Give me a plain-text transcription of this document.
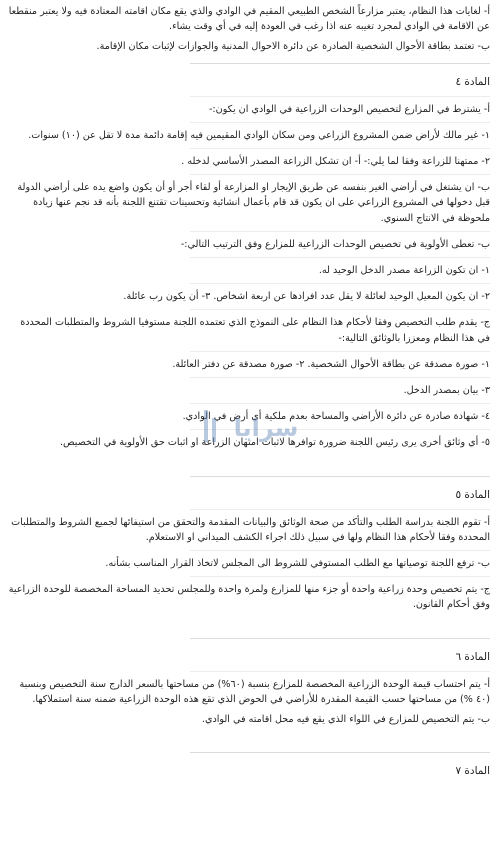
أ- لغايات هذا النظام، يعتبر مزارعاً الشخص الطبيعي المقيم في الوادي والذي يقع مكان اقامته المعتادة فيه ولا يعتبر منقطعا عن الاقامة في الوادي لمجرد تغيبه عنه اذا رغب في العودة إليه في أي وقت يشاء.

ب- تعتمد بطاقة الأحوال الشخصية الصادرة عن دائرة الاحوال المدنية والجوازات لإثبات مكان الإقامة.

المادة ٤

أ- يشترط في المزارع لتخصيص الوحدات الزراعية في الوادي ان يكون:-

١- غير مالك لأراض ضمن المشروع الزراعي ومن سكان الوادي المقيمين فيه إقامة دائمة مدة لا تقل عن (١٠) سنوات.

٢- ممتهنا للزراعة وفقا لما يلي:- أ- ان تشكل الزراعة المصدر الأساسي لدخله .

ب- ان يشتغل في أراضي الغير بنفسه عن طريق الإيجار او المزارعة أو لقاء أجر أو أن يكون واضع يده على أراضي الدولة قبل دخولها في المشروع الزراعي على ان يكون قد قام بأعمال انشائية وتحسينات تقتنع اللجنة بأنه قد نجم عنها زيادة ملحوظة في الانتاج السنوي.

ب- تعطى الأولوية في تخصيص الوحدات الزراعية للمزارع وفق الترتيب التالي:-

١- ان تكون الزراعة مصدر الدخل الوحيد له.

٢- ان يكون المعيل الوحيد لعائلة لا يقل عدد افرادها عن اربعة اشخاص. ٣- أن يكون رب عائلة.

ج- يقدم طلب التخصيص وفقا لأحكام هذا النظام على النموذج الذي تعتمده اللجنة مستوفيا الشروط والمتطلبات المحددة في هذا النظام ومعززا بالوثائق التالية:-

١- صورة مصدقة عن بطاقة الأحوال الشخصية. ٢- صورة مصدقة عن دفتر العائلة.

٣- بيان بمصدر الدخل.

٤- شهادة صادرة عن دائرة الأراضي والمساحة بعدم ملكية أي أرض في الوادي.

٥- أي وثائق أخرى يرى رئيس اللجنة ضرورة توافرها لاثبات امتهان الزراعة او اثبات حق الأولوية في التخصيص.

المادة ٥

أ- تقوم اللجنة بدراسة الطلب والتأكد من صحة الوثائق والبيانات المقدمة والتحقق من استيفائها لجميع الشروط والمتطلبات المحددة وفقا لأحكام هذا النظام ولها في سبيل ذلك اجراء الكشف الميداني او الاستعلام.

ب- ترفع اللجنة توصياتها مع الطلب المستوفي للشروط الى المجلس لاتخاذ القرار المناسب بشأنه.

ج- يتم تخصيص وحدة زراعية واحدة أو جزء منها للمزارع ولمرة واحدة وللمجلس تحديد المساحة المخصصة للوحدة الزراعية وفق أحكام القانون.

المادة ٦

أ- يتم احتساب قيمة الوحدة الزراعية المخصصة للمزارع بنسبة (٦٠%) من مساحتها بالسعر الدارج سنة التخصيص وبنسبة (٤٠ %) من مساحتها حسب القيمة المقدرة للأراضي في الحوض الذي تقع هذه الوحدة الزراعية ضمنه سنة استملاكها.

ب- يتم التخصيص للمزارع في اللواء الذي يقع فيه محل اقامته في الوادي.

المادة ٧
سرايا
